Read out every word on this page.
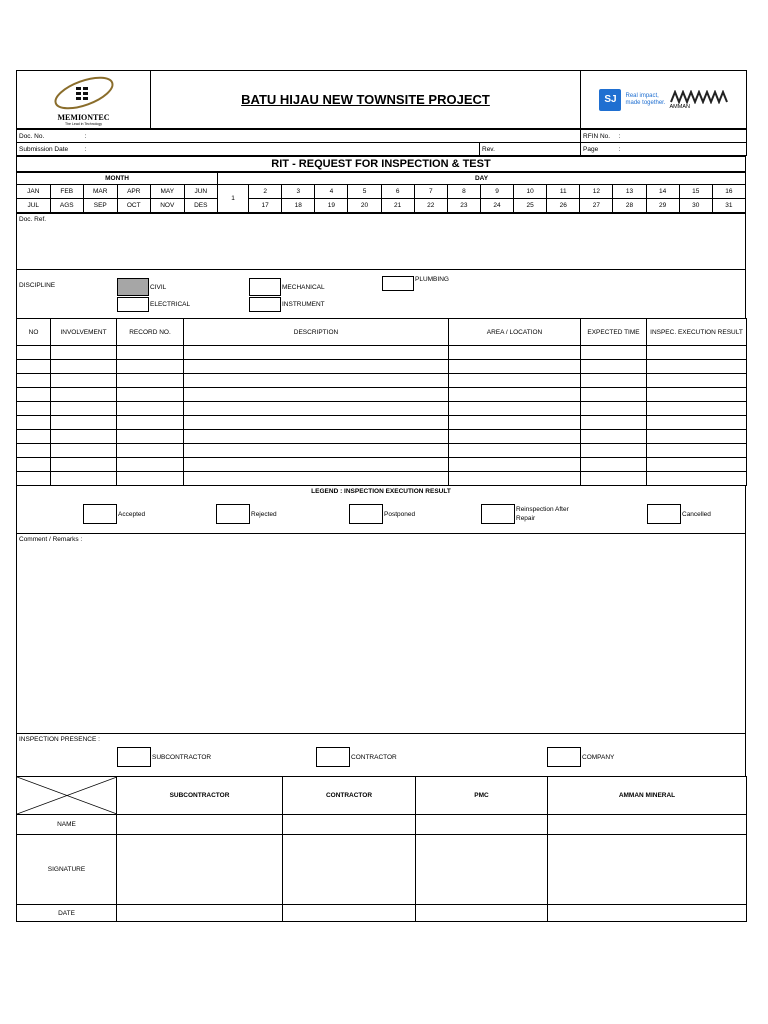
MEMIONTEC
The Lead in Technology
	BATU HIJAU NEW TOWNSITE PROJECT	SJ	Real impact,
made together.
AMMAN
Doc. No.	:		RFIN No.	:
Submission Date	:	Rev.	Page	:
RIT - REQUEST FOR INSPECTION & TEST
MONTH						DAY															
JAN	FEB	MAR	APR	MAY	JUN	1	2	3	4	5	6	7	8	9	10	11	12	13	14	15	16
JUL	AGS	SEP	OCT	NOV	DES		17	18	19	20	21	22	23	24	25	26	27	28	29	30	31
Doc. Ref.
DISCIPLINE	CIVIL	MECHANICAL
PLUMBING
ELECTRICAL	INSTRUMENT
NO	INVOLVEMENT	RECORD NO.	DESCRIPTION	AREA / LOCATION	EXPECTED TIME	INSPEC. EXECUTION RESULT

LEGEND : INSPECTION EXECUTION RESULT
Accepted	Rejected	Postponed
Reinspection After
Repair
Cancelled
Comment / Remarks :
INSPECTION PRESENCE :
SUBCONTRACTOR	CONTRACTOR	COMPANY
	SUBCONTRACTOR	CONTRACTOR	PMC	AMMAN MINERAL
NAME				
SIGNATURE				
DATE				
